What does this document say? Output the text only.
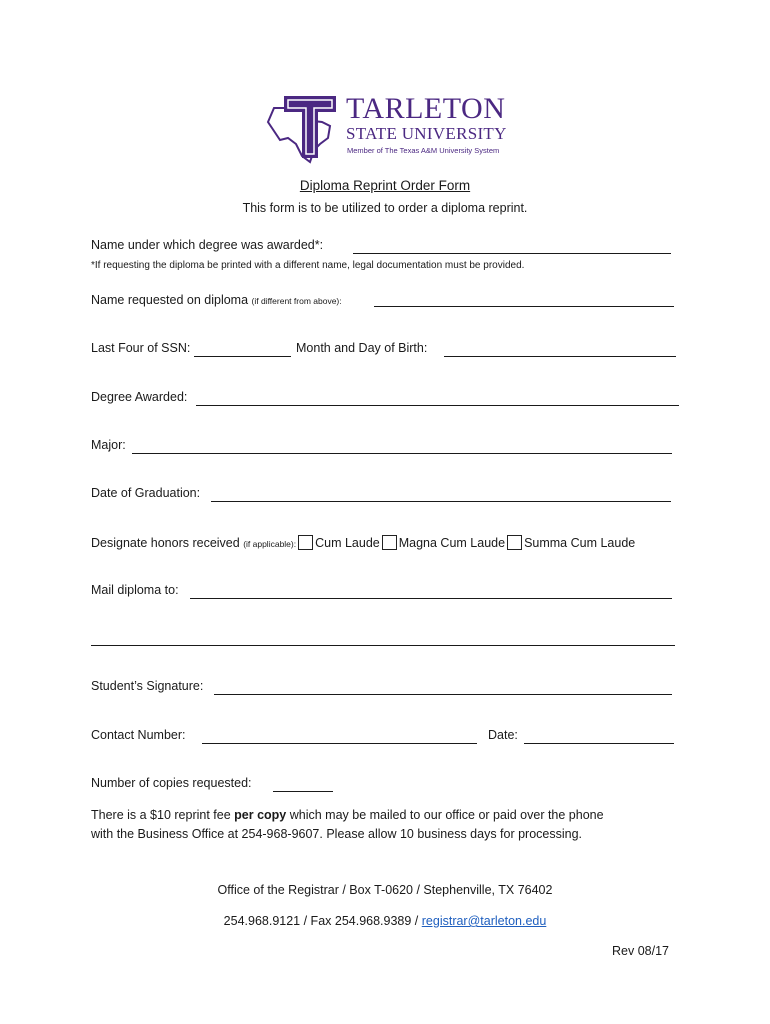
TARLETON
STATE UNIVERSITY
Member of The Texas A&M University System
Diploma Reprint Order Form
This form is to be utilized to order a diploma reprint.
Name under which degree was awarded*:
*If requesting the diploma be printed with a different name, legal documentation must be provided.
Name requested on diploma (if different from above):
Last Four of SSN:	Month and Day of Birth:
Degree Awarded:
Major:
Date of Graduation:
Designate honors received (if applicable): Cum Laude Magna Cum Laude Summa Cum Laude
Mail diploma to:
Student’s Signature:
Contact Number:	Date:
Number of copies requested:
There is a $10 reprint fee per copy which may be mailed to our office or paid over the phone
with the Business Office at 254-968-9607. Please allow 10 business days for processing.
Office of the Registrar / Box T-0620 / Stephenville, TX 76402
254.968.9121 / Fax 254.968.9389 / registrar@tarleton.edu
Rev 08/17
